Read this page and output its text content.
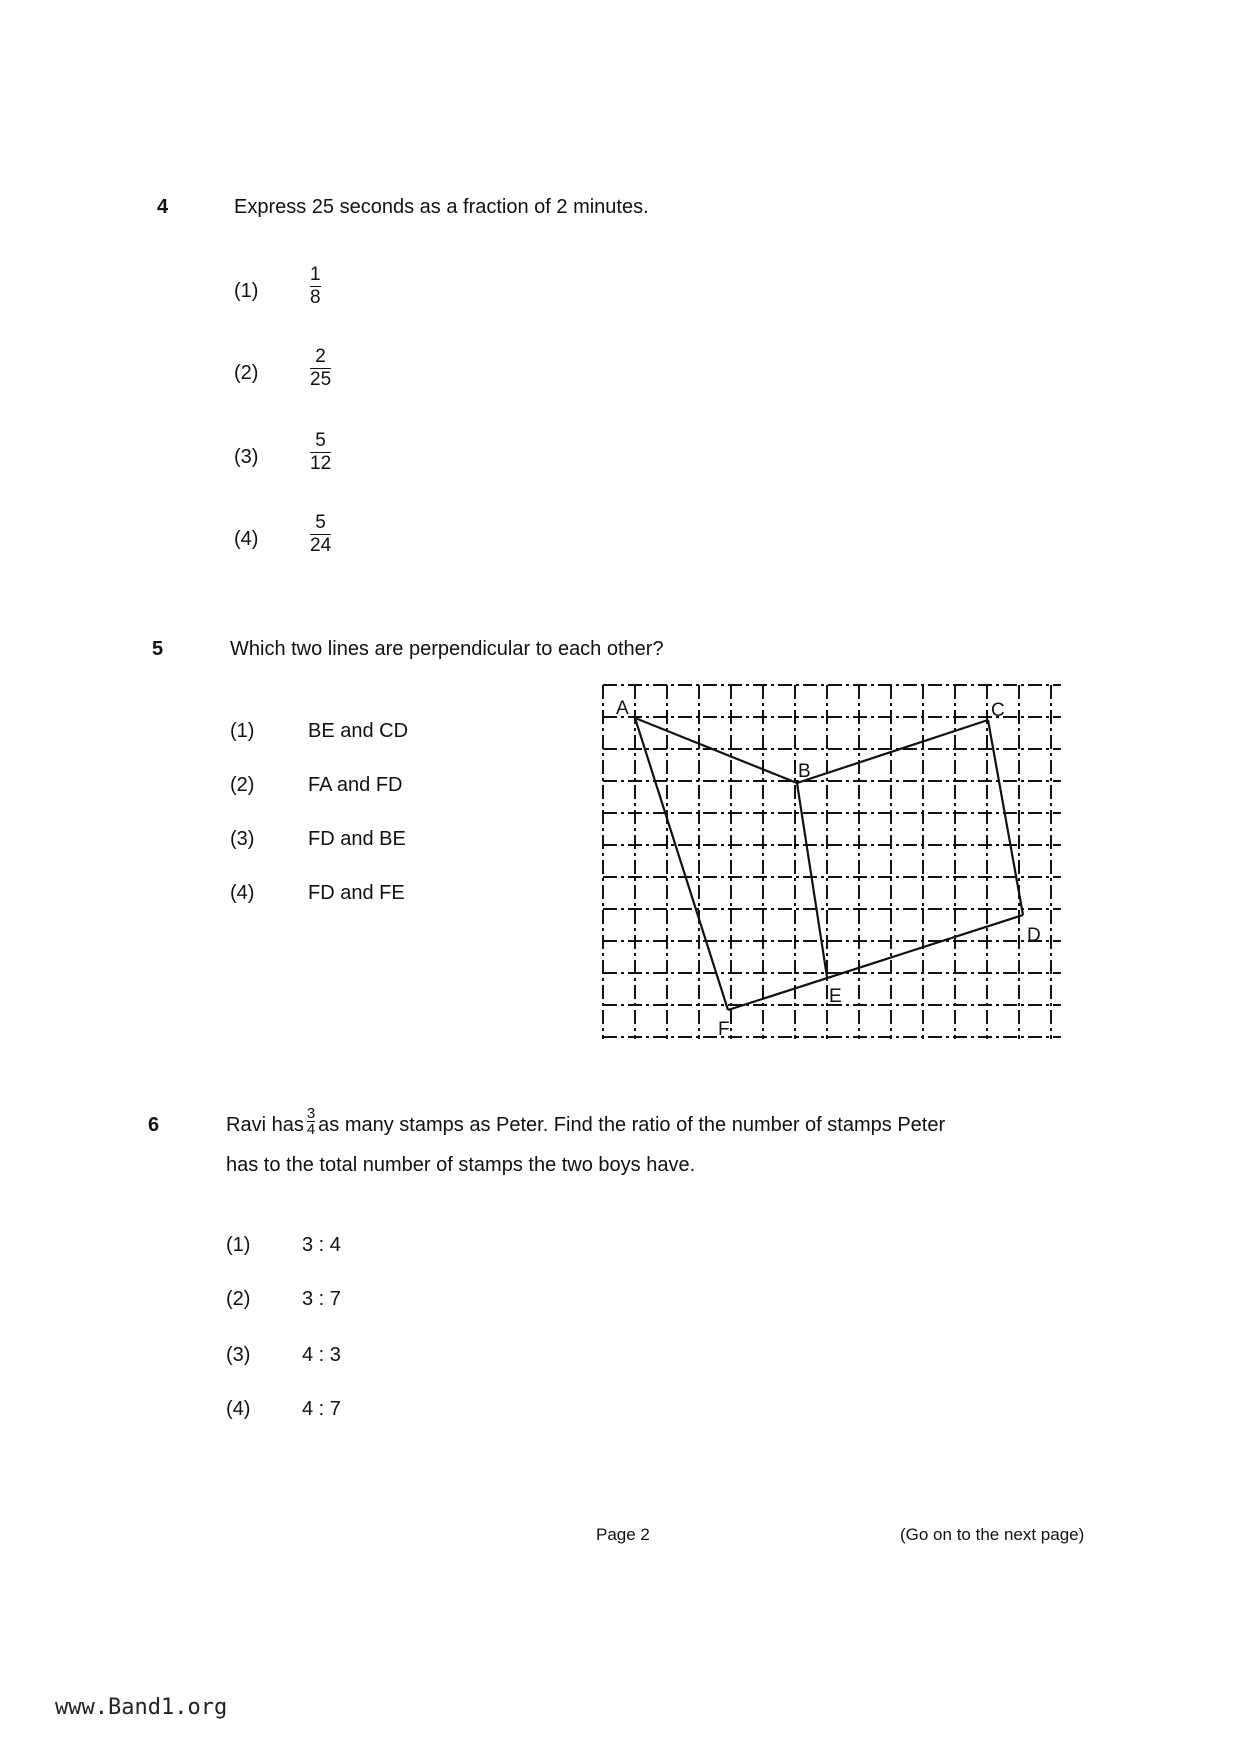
4	Express 25 seconds as a fraction of 2 minutes.
(1)
1
8
(2)
2
25
(3)
5
12
(4)
5
24
5	Which two lines are perpendicular to each other?
(1)	BE and CD
(2)	FA and FD
(3)	FD and BE
(4)	FD and FE
A
B
C
D
E
F
6	Ravi has $\frac{3}{4}$ as many stamps as Peter. Find the ratio of the number of stamps Peter
has to the total number of stamps the two boys have.
(1)	3 : 4
(2)	3 : 7
(3)	4 : 3
(4)	4 : 7
Page 2	(Go on to the next page)
www.Band1.org
